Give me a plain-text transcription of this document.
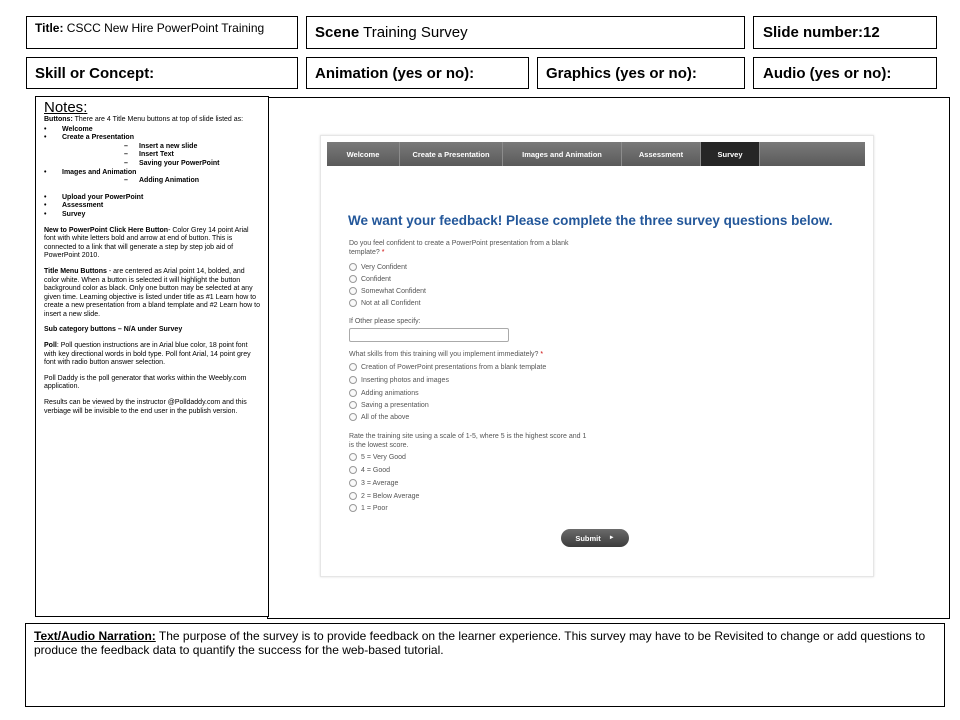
Title: CSCC New Hire PowerPoint Training	Scene Training Survey	Slide number:12
Skill or Concept:	Animation (yes or no):	Graphics (yes or no):	Audio (yes or no):
Notes:

Buttons: There are 4 Title Menu buttons at top of slide listed as:

• Welcome
• Create a Presentation
– Insert a new slide
– Insert Text
– Saving your PowerPoint
• Images and Animation
– Adding Animation
• Upload your PowerPoint
• Assessment
• Survey

New to PowerPoint Click Here Button- Color Grey 14 point Arial font with white letters bold and arrow at end of button. This is connected to a link that will generate a step by step job aid of PowerPoint 2010.

Title Menu Buttons - are centered as Arial point 14, bolded, and color white. When a button is selected it will highlight the button background color as black. Only one button may be selected at any given time. Learning objective is listed under title as #1 Learn how to create a new presentation from a bland template and #2 Learn how to insert a new slide.

Sub category buttons – N/A under Survey

Poll: Poll question instructions are in Arial blue color, 18 point font with key directional words in bold type. Poll font Arial, 14 point grey font with radio button answer selection.

Poll Daddy is the poll generator that works within the Weebly.com application.

Results can be viewed by the instructor @Polldaddy.com and this verbiage will be invisible to the end user in the publish version.

Welcome	Create a Presentation	Images and Animation	Assessment	Survey
We want your feedback! Please complete the three survey questions below.
Do you feel confident to create a PowerPoint presentation from a blank template? *
Very Confident
Confident
Somewhat Confident
Not at all Confident
If Other please specify:
What skills from this training will you implement immediately? *
Creation of PowerPoint presentations from a blank template
Inserting photos and images
Adding animations
Saving a presentation
All of the above
Rate the training site using a scale of 1-5, where 5 is the highest score and 1 is the lowest score.
5 = Very Good
4 = Good
3 = Average
2 = Below Average
1 = Poor
Submit ►
Text/Audio Narration: The purpose of the survey is to provide feedback on the learner experience. This survey may have to be Revisited to change or add questions to produce the feedback data to quantify the success for the web-based tutorial.
